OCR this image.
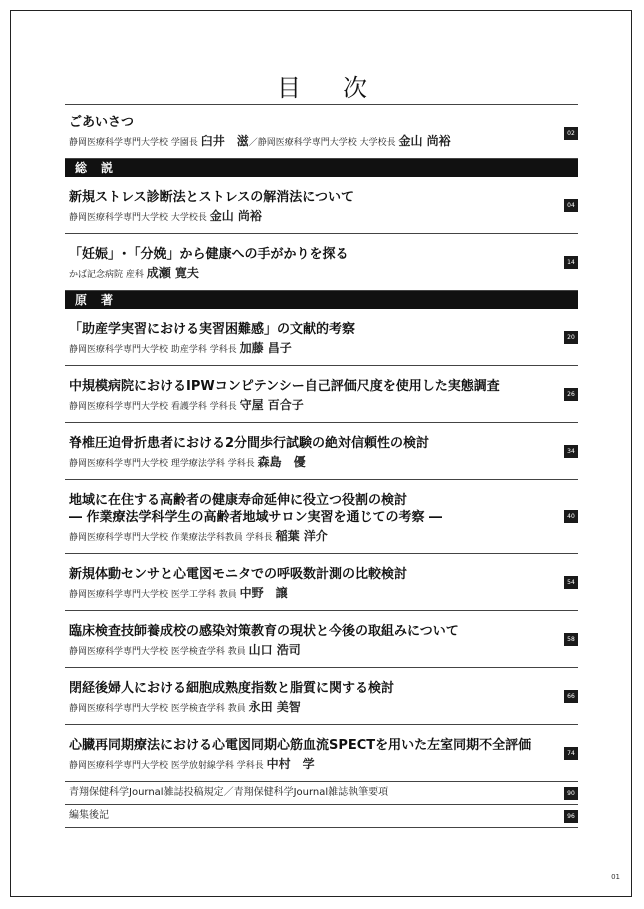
目次
ごあいさつ
静岡医療科学専門大学校 学園長 臼井　滋／静岡医療科学専門大学校 大学校長 金山 尚裕
02
総説
新規ストレス診断法とストレスの解消法について
静岡医療科学専門大学校 大学校長 金山 尚裕
04
「妊娠」･「分娩」から健康への手がかりを探る
かば記念病院 産科 成瀬 寛夫
14
原著
「助産学実習における実習困難感」の文献的考察
静岡医療科学専門大学校 助産学科 学科長 加藤 昌子
20
中規模病院におけるIPWコンピテンシー自己評価尺度を使用した実態調査
静岡医療科学専門大学校 看護学科 学科長 守屋 百合子
26
脊椎圧迫骨折患者における2分間歩行試験の絶対信頼性の検討
静岡医療科学専門大学校 理学療法学科 学科長 森島　優
34
地域に在住する高齢者の健康寿命延伸に役立つ役割の検討
― 作業療法学科学生の高齢者地域サロン実習を通じての考察 ―
静岡医療科学専門大学校 作業療法学科教員 学科長 稲葉 洋介
40
新規体動センサと心電図モニタでの呼吸数計測の比較検討
静岡医療科学専門大学校 医学工学科 教員 中野　譲
54
臨床検査技師養成校の感染対策教育の現状と今後の取組みについて
静岡医療科学専門大学校 医学検査学科 教員 山口 浩司
58
閉経後婦人における細胞成熟度指数と脂質に関する検討
静岡医療科学専門大学校 医学検査学科 教員 永田 美智
66
心臓再同期療法における心電図同期心筋血流SPECTを用いた左室同期不全評価
静岡医療科学専門大学校 医学放射線学科 学科長 中村　学
74
青翔保健科学Journal雑誌投稿規定／青翔保健科学Journal雑誌執筆要項	90
編集後記	96
01
